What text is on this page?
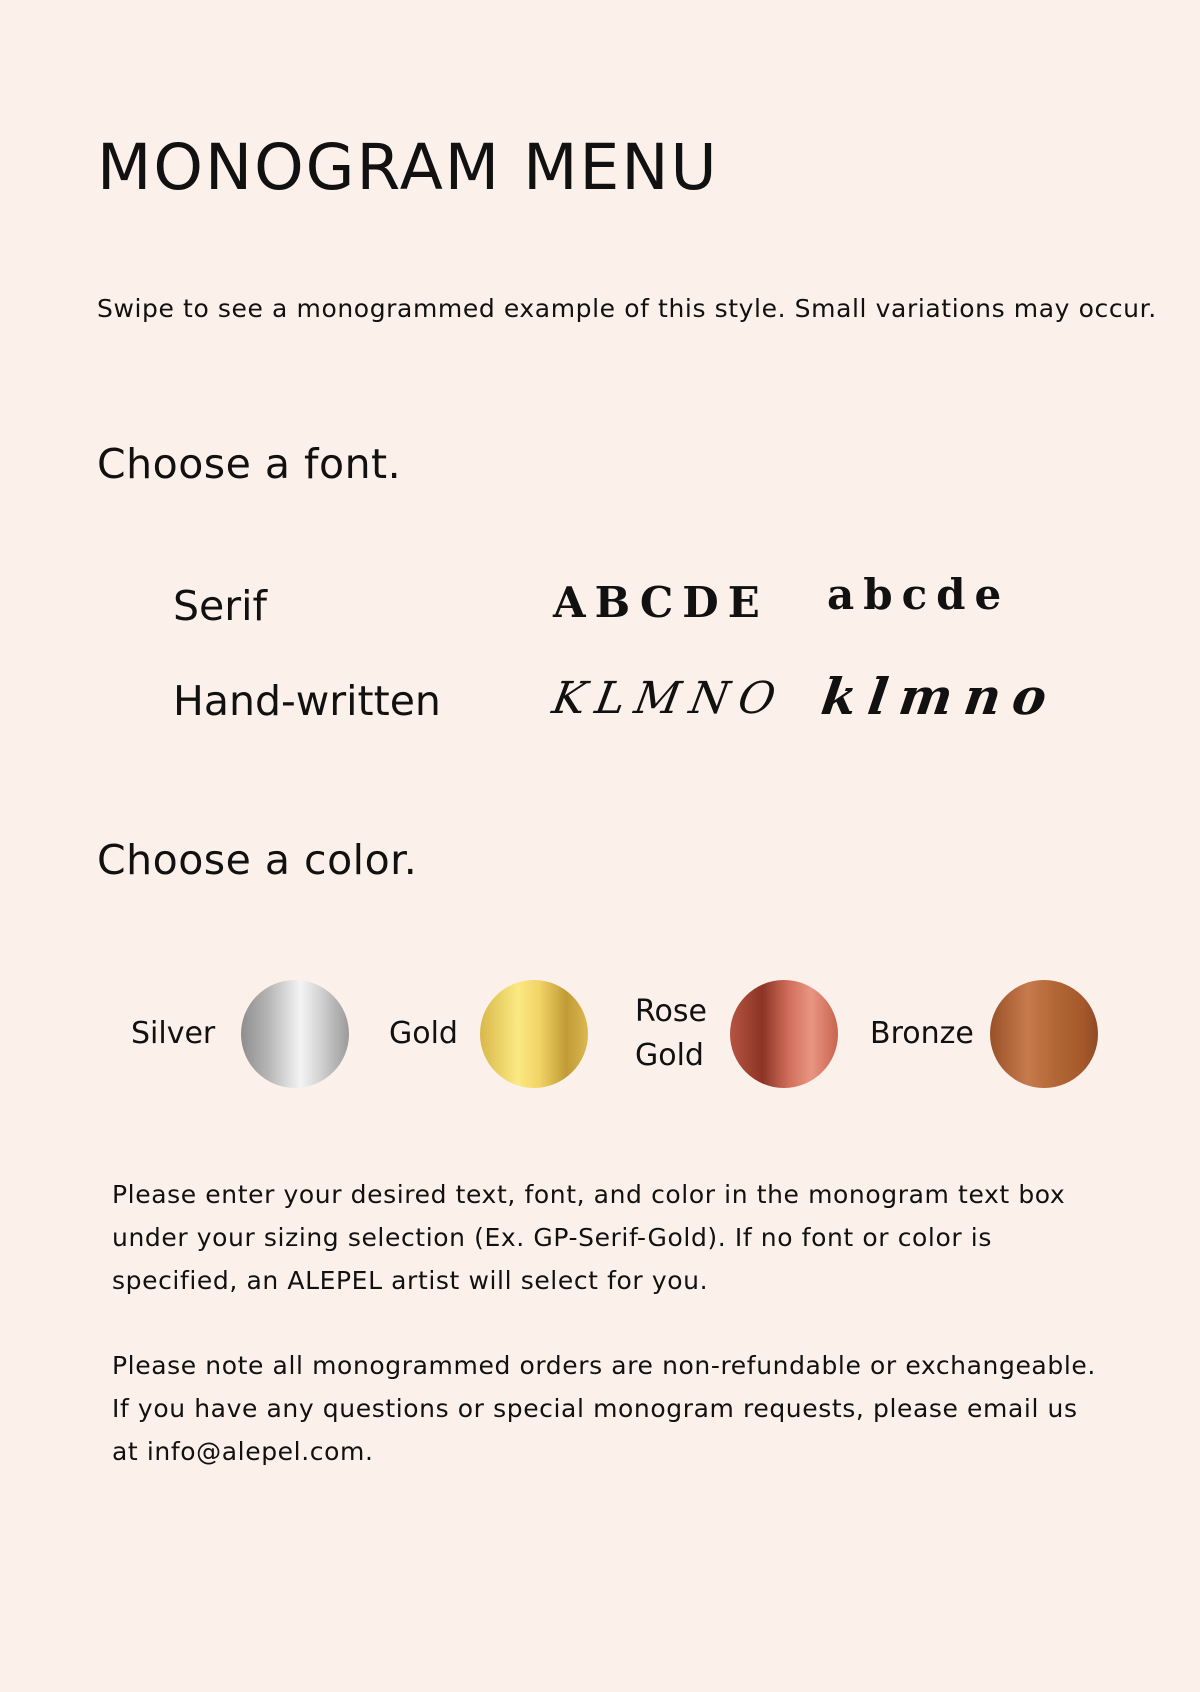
MONOGRAM MENU

Swipe to see a monogrammed example of this style. Small variations may occur.

Choose a font.
Serif	ABCDE abcde
Hand-written KLMNO klmno
Choose a color.
Silver	Gold
Rose Gold
Bronze

Please enter your desired text, font, and color in the monogram text box under your sizing selection (Ex. GP-Serif-Gold). If no font or color is specified, an ALEPEL artist will select for you.

Please note all monogrammed orders are non-refundable or exchangeable. If you have any questions or special monogram requests, please email us at info@alepel.com.
